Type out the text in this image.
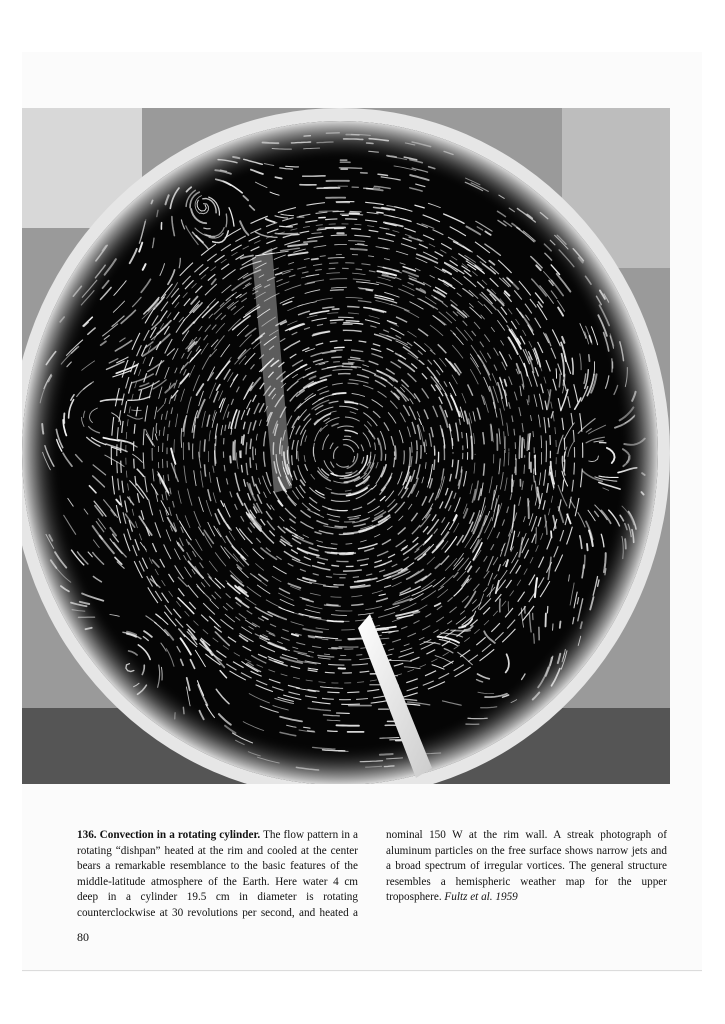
136. Convection in a rotating cylinder. The flow pattern in a rotating “dishpan” heated at the rim and cooled at the center bears a remarkable resemblance to the basic features of the middle-latitude atmosphere of the Earth. Here water 4 cm deep in a cylinder 19.5 cm in diameter is rotating counterclockwise at 30 revolutions per second, and heated a nominal 150 W at the rim wall. A streak photograph of aluminum particles on the free surface shows narrow jets and a broad spectrum of irregular vortices. The general structure resembles a hemispheric weather map for the upper troposphere. Fultz et al. 1959
80
